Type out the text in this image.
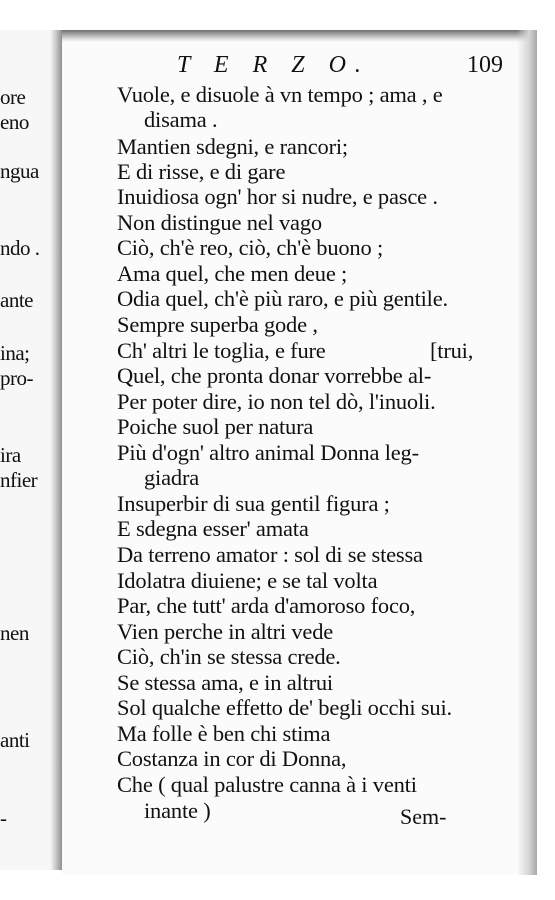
ore
eno
ngua
ndo .
ante
ina;
pro-
ira
nfier
nen
anti
-
T E R Z O.	109
Vuole, e disuole à vn tempo ; ama , e
disama .
Mantien sdegni, e rancori;
E di risse, e di gare
Inuidiosa ogn' hor si nudre, e pasce .
Non distingue nel vago
Ciò, ch'è reo, ciò, ch'è buono ;
Ama quel, che men deue ;
Odia quel, ch'è più raro, e più gentile.
Sempre superba gode ,
Ch' altri le toglia, e fure	[trui,
Quel, che pronta donar vorrebbe al-
Per poter dire, io non tel dò, l'inuoli.
Poiche suol per natura
Più d'ogn' altro animal Donna leg-
giadra
Insuperbir di sua gentil figura ;
E sdegna esser' amata
Da terreno amator : sol di se stessa
Idolatra diuiene; e se tal volta
Par, che tutt' arda d'amoroso foco,
Vien perche in altri vede
Ciò, ch'in se stessa crede.
Se stessa ama, e in altrui
Sol qualche effetto de' begli occhi sui.
Ma folle è ben chi stima
Costanza in cor di Donna,
Che ( qual palustre canna à i venti
inante )	Sem-
